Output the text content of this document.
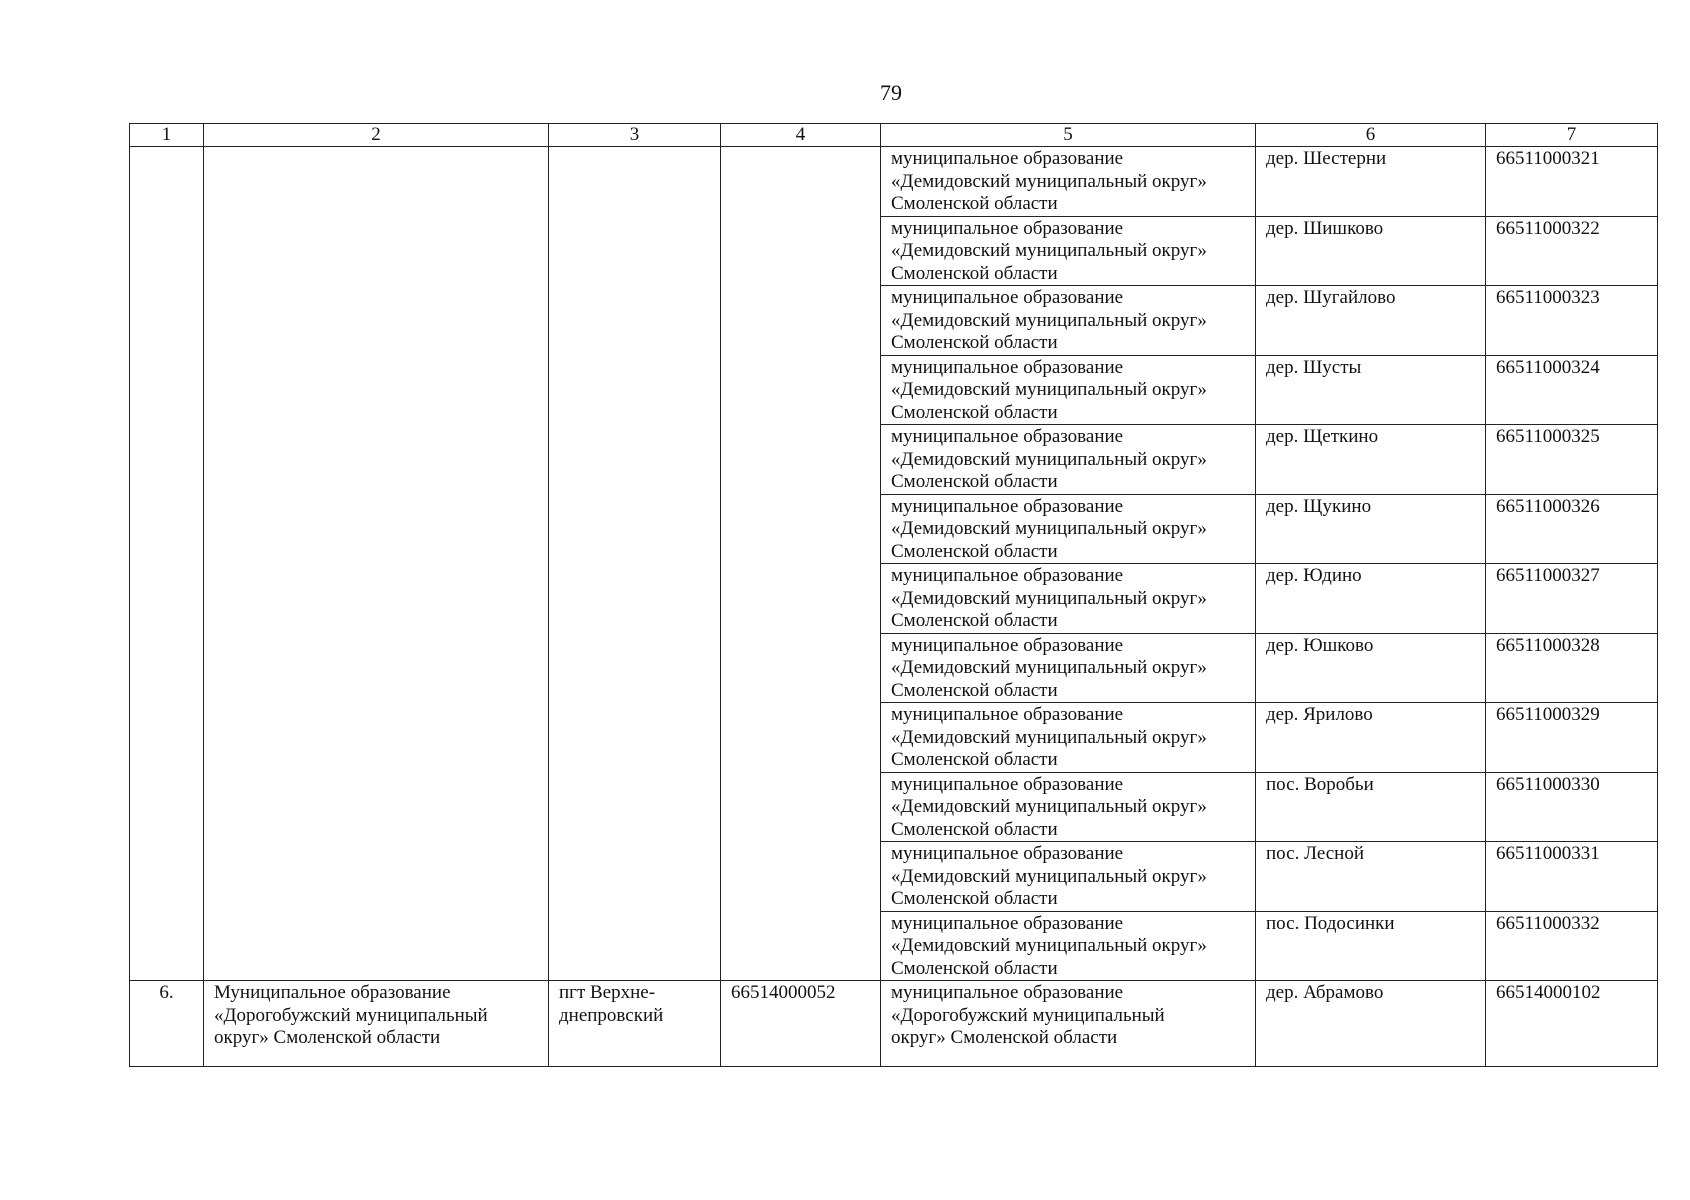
79
1	2	3	4	5	6	7

				муниципальное образование
«Демидовский муниципальный округ»
Смоленской области	дер. Шестерни	66511000321

				муниципальное образование
«Демидовский муниципальный округ»
Смоленской области	дер. Шишково	66511000322

				муниципальное образование
«Демидовский муниципальный округ»
Смоленской области	дер. Шугайлово	66511000323

				муниципальное образование
«Демидовский муниципальный округ»
Смоленской области	дер. Шусты	66511000324

				муниципальное образование
«Демидовский муниципальный округ»
Смоленской области	дер. Щеткино	66511000325

				муниципальное образование
«Демидовский муниципальный округ»
Смоленской области	дер. Щукино	66511000326

				муниципальное образование
«Демидовский муниципальный округ»
Смоленской области	дер. Юдино	66511000327

				муниципальное образование
«Демидовский муниципальный округ»
Смоленской области	дер. Юшково	66511000328

				муниципальное образование
«Демидовский муниципальный округ»
Смоленской области	дер. Ярилово	66511000329

				муниципальное образование
«Демидовский муниципальный округ»
Смоленской области	пос. Воробьи	66511000330

				муниципальное образование
«Демидовский муниципальный округ»
Смоленской области	пос. Лесной	66511000331

				муниципальное образование
«Демидовский муниципальный округ»
Смоленской области	пос. Подосинки	66511000332
6.	Муниципальное образование
«Дорогобужский муниципальный
округ» Смоленской области	пгт Верхне-
днепровский	66514000052	муниципальное образование
«Дорогобужский муниципальный
округ» Смоленской области	дер. Абрамово	66514000102
